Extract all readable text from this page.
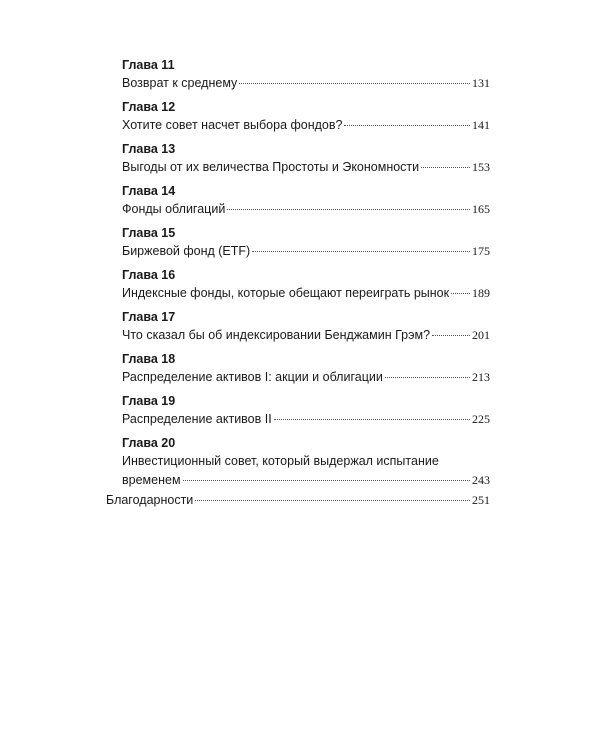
Глава 11
Возврат к среднему	131
Глава 12
Хотите совет насчет выбора фондов?	141
Глава 13
Выгоды от их величества Простоты и Экономности	153
Глава 14
Фонды облигаций	165
Глава 15
Биржевой фонд (ETF)	175
Глава 16
Индексные фонды, которые обещают переиграть рынок 189
Глава 17
Что сказал бы об индексировании Бенджамин Грэм?	201
Глава 18
Распределение активов I: акции и облигации	213
Глава 19
Распределение активов II	225
Глава 20
Инвестиционный совет, который выдержал испытание
временем	243
Благодарности	251
